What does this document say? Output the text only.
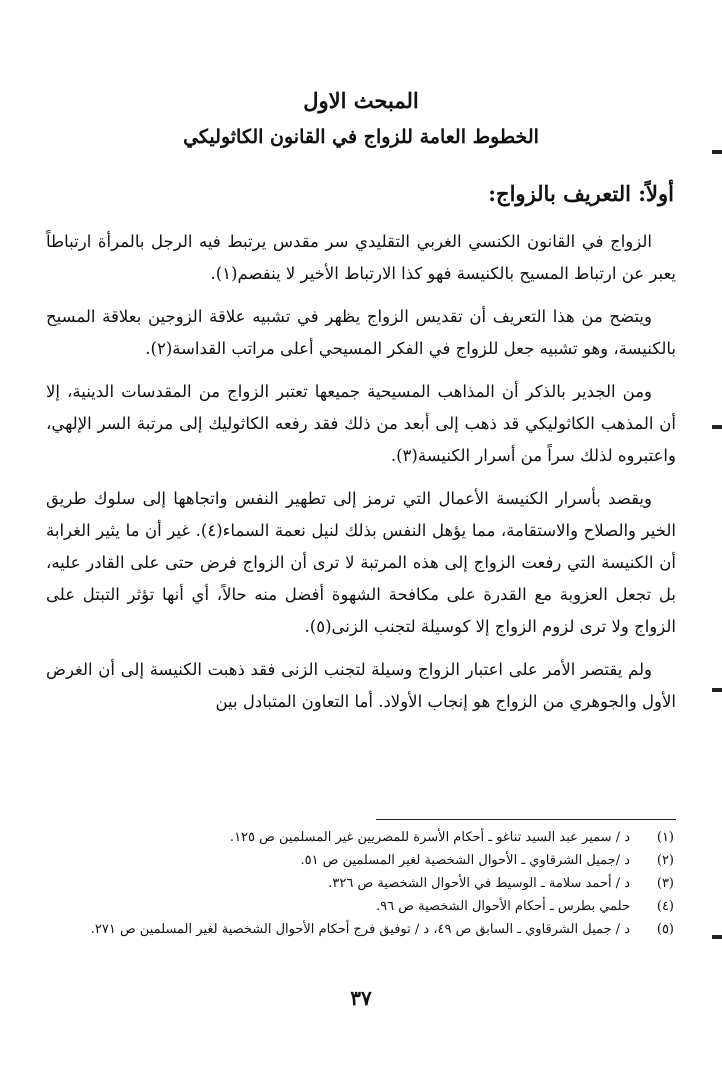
المبحث الاول
الخطوط العامة للزواج في القانون الكاثوليكي
أولاً: التعريف بالزواج:

الزواج في القانون الكنسي الغربي التقليدي سر مقدس يرتبط فيه الرجل بالمرأة ارتباطاً يعبر عن ارتباط المسيح بالكنيسة فهو كذا الارتباط الأخير لا ينفصم(١).

ويتضح من هذا التعريف أن تقديس الزواج يظهر في تشبيه علاقة الزوجين بعلاقة المسيح بالكنيسة، وهو تشبيه جعل للزواج في الفكر المسيحي أعلى مراتب القداسة(٢).

ومن الجدير بالذكر أن المذاهب المسيحية جميعها تعتبر الزواج من المقدسات الدينية، إلا أن المذهب الكاثوليكي قد ذهب إلى أبعد من ذلك فقد رفعه الكاثوليك إلى مرتبة السر الإلهي، واعتبروه لذلك سراً من أسرار الكنيسة(٣).

ويقصد بأسرار الكنيسة الأعمال التي ترمز إلى تطهير النفس واتجاهها إلى سلوك طريق الخير والصلاح والاستقامة، مما يؤهل النفس بذلك لنيل نعمة السماء(٤). غير أن ما يثير الغرابة أن الكنيسة التي رفعت الزواج إلى هذه المرتبة لا ترى أن الزواج فرض حتى على القادر عليه، بل تجعل العزوبة مع القدرة على مكافحة الشهوة أفضل منه حالاً، أي أنها تؤثر التبتل على الزواج ولا ترى لزوم الزواج إلا كوسيلة لتجنب الزنى(٥).

ولم يقتصر الأمر على اعتبار الزواج وسيلة لتجنب الزنى فقد ذهبت الكنيسة إلى أن الغرض الأول والجوهري من الزواج هو إنجاب الأولاد. أما التعاون المتبادل بين

(١)
د / سمير عبد السيد تناغو ـ أحكام الأسرة للمصريين غير المسلمين ص ١٢٥.
(٢)
د /جميل الشرقاوي ـ الأحوال الشخصية لغير المسلمين ص ٥١.
(٣)
د / أحمد سلامة ـ الوسيط في الأحوال الشخصية ص ٣٢٦.
(٤)
حلمي بطرس ـ أحكام الأحوال الشخصية ص ٩٦.
(٥)
د / جميل الشرقاوي ـ السابق ص ٤٩، د / توفيق فرج أحكام الأحوال الشخصية لغير المسلمين ص ٢٧١.
٣٧
